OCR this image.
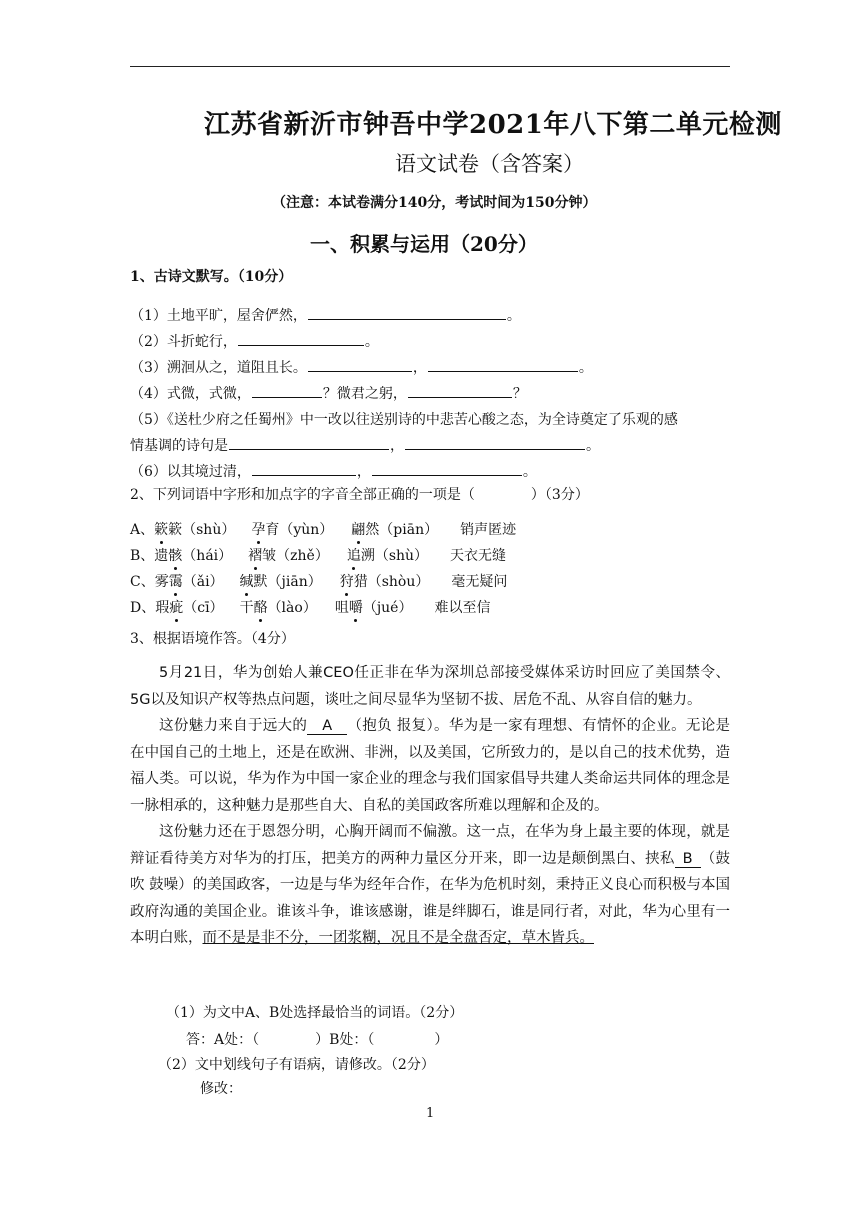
江苏省新沂市钟吾中学2021年八下第二单元检测
语文试卷（含答案）
（注意：本试卷满分140分，考试时间为150分钟）
一、积累与运用（20分）
1、古诗文默写。（10分）
（1）土地平旷，屋舍俨然，	。
（2）斗折蛇行，	。
（3）溯洄从之，道阻且长。	，	。
（4）式微，式微，	？微君之躬，	？
（5）《送杜少府之任蜀州》中一改以往送别诗的中悲苦心酸之态，为全诗奠定了乐观的感
情基调的诗句是	，	。
（6）以其境过清，	，	。
2、下列词语中字形和加点字的字音全部正确的一项是（	）（3分）
A、簌簌（shù） 孕育（yùn） 翩然（piān） 销声匿迹
B、遗骸（hái） 褶皱（zhě） 追溯（shù） 天衣无缝
C、雾霭（ǎi） 缄默（jiān） 狩猎（shòu） 毫无疑问
D、瑕疵（cī） 干酪（lào） 咀嚼（jué） 难以至信
3、根据语境作答。（4分）

5月21日，华为创始人兼CEO任正非在华为深圳总部接受媒体采访时回应了美国禁令、5G以及知识产权等热点问题，谈吐之间尽显华为坚韧不拔、居危不乱、从容自信的魅力。

这份魅力来自于远大的 A （抱负 报复）。华为是一家有理想、有情怀的企业。无论是在中国自己的土地上，还是在欧洲、非洲，以及美国，它所致力的，是以自己的技术优势，造福人类。可以说，华为作为中国一家企业的理念与我们国家倡导共建人类命运共同体的理念是一脉相承的，这种魅力是那些自大、自私的美国政客所难以理解和企及的。

这份魅力还在于恩怨分明，心胸开阔而不偏激。这一点，在华为身上最主要的体现，就是辩证看待美方对华为的打压，把美方的两种力量区分开来，即一边是颠倒黑白、挟私 B （鼓吹 鼓噪）的美国政客，一边是与华为经年合作，在华为危机时刻，秉持正义良心而积极与本国政府沟通的美国企业。谁该斗争，谁该感谢，谁是绊脚石，谁是同行者，对此，华为心里有一本明白账，而不是是非不分，一团浆糊，况且不是全盘否定，草木皆兵。

（1）为文中A、B处选择最恰当的词语。（2分）
答：A处：（	）B处：（	）
（2）文中划线句子有语病，请修改。（2分）
修改：
1
